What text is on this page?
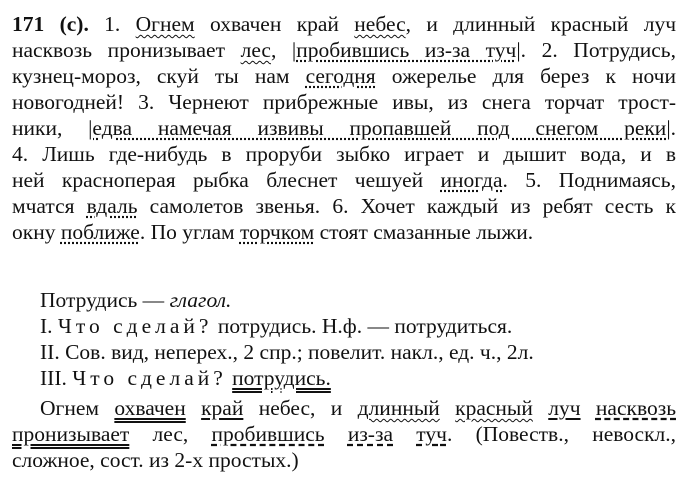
171 (с). 1. Огнем охвачен край небес, и длинный красный луч
насквозь пронизывает лес, |пробившись из-за туч|. 2. Потрудись,
кузнец-мороз, скуй ты нам сегодня ожерелье для берез к ночи
новогодней! 3. Чернеют прибрежные ивы, из снега торчат трост-
ники, |едва намечая извивы пропавшей под снегом реки|.
4. Лишь где-нибудь в проруби зыбко играет и дышит вода, и в
ней красноперая рыбка блеснет чешуей иногда. 5. Поднимаясь,
мчатся вдаль самолетов звенья. 6. Хочет каждый из ребят сесть к
окну поближе. По углам торчком стоят смазанные лыжи.
Потрудись — глагол.
I. Что сделай? потрудись. Н.ф. — потрудиться.
II. Сов. вид, неперех., 2 спр.; повелит. накл., ед. ч., 2л.
III. Что сделай? потрудись.
Огнем охвачен край небес, и длинный красный луч насквозь
пронизывает лес, пробившись из-за туч. (Повеств., невоскл.,
сложное, сост. из 2-х простых.)
